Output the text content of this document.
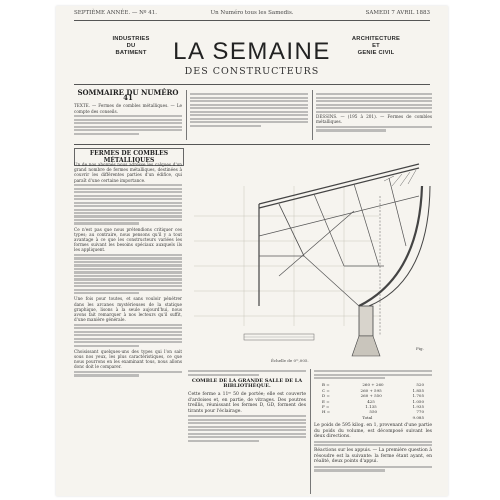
SEPTIÈME ANNÉE. — Nº 41.	Un Numéro tous les Samedis.	SAMEDI 7 AVRIL 1883
INDUSTRIES
DU
BATIMENT	LA SEMAINE
DES CONSTRUCTEURS
ARCHITECTURE
ET
GENIE CIVIL
SOMMAIRE DU NUMÉRO 41
TEXTE. — Fermes de combles métalliques. — Le compte des conseils.
DESSINS. — (195 à 201). — Fermes de combles métalliques.
FERMES DE COMBLES MÉTALLIQUES
Un de nos abonnés nous adresse les calques d'un grand nombre de fermes métalliques, destinées à couvrir les différentes parties d'un édifice, qui paraît d'une certaine importance.
Ce n'est pas que nous prétendions critiquer ces types; au contraire, nous pensons qu'il y a tout avantage à ce que les constructeurs variées les formes suivant les besoins spéciaux auxquels ils les appliquent.
Une fois pour toutes, et sans vouloir pénétrer dans les arcanes mystérieuses de la statique graphique, lisons à la seule aujourd'hui, nous avons fait remarquer à nos lecteurs qu'il suffit, d'une manière générale.
Choisissant quelques-uns des types qui l'on sait sous nos yeux, les plus caractéristiques, ce que nous pourrons en les examinant tous, nous allons donc doit le comparer.
Échelle de 0ᵐ,005.
Fig.
COMBLE DE LA GRANDE SALLE DE LA BIBLIOTHÈQUE.
Cette ferme a 11ᵐ 50 de portée; elle est couverte d'ardoises et, en partie, de vitrages. Des poutres treillis, réunissant les fermes D, GD, forment des tirants pour l'éclairage.
B =	260 + 260	520
C =	260 + 595	1.855
D =	260 + 550	1.705
E =	425	1.050
F =	1.135	1.935
H =	550	770
Total	9.085
Le poids de 595 kilog. en 1, provenant d'une partie du poids du volume, est décomposé suivant les deux directions.
Réactions sur les appuis. — La première question à résoudre est la suivante: la ferme étant ayant, en réalité, deux points d'appui.
